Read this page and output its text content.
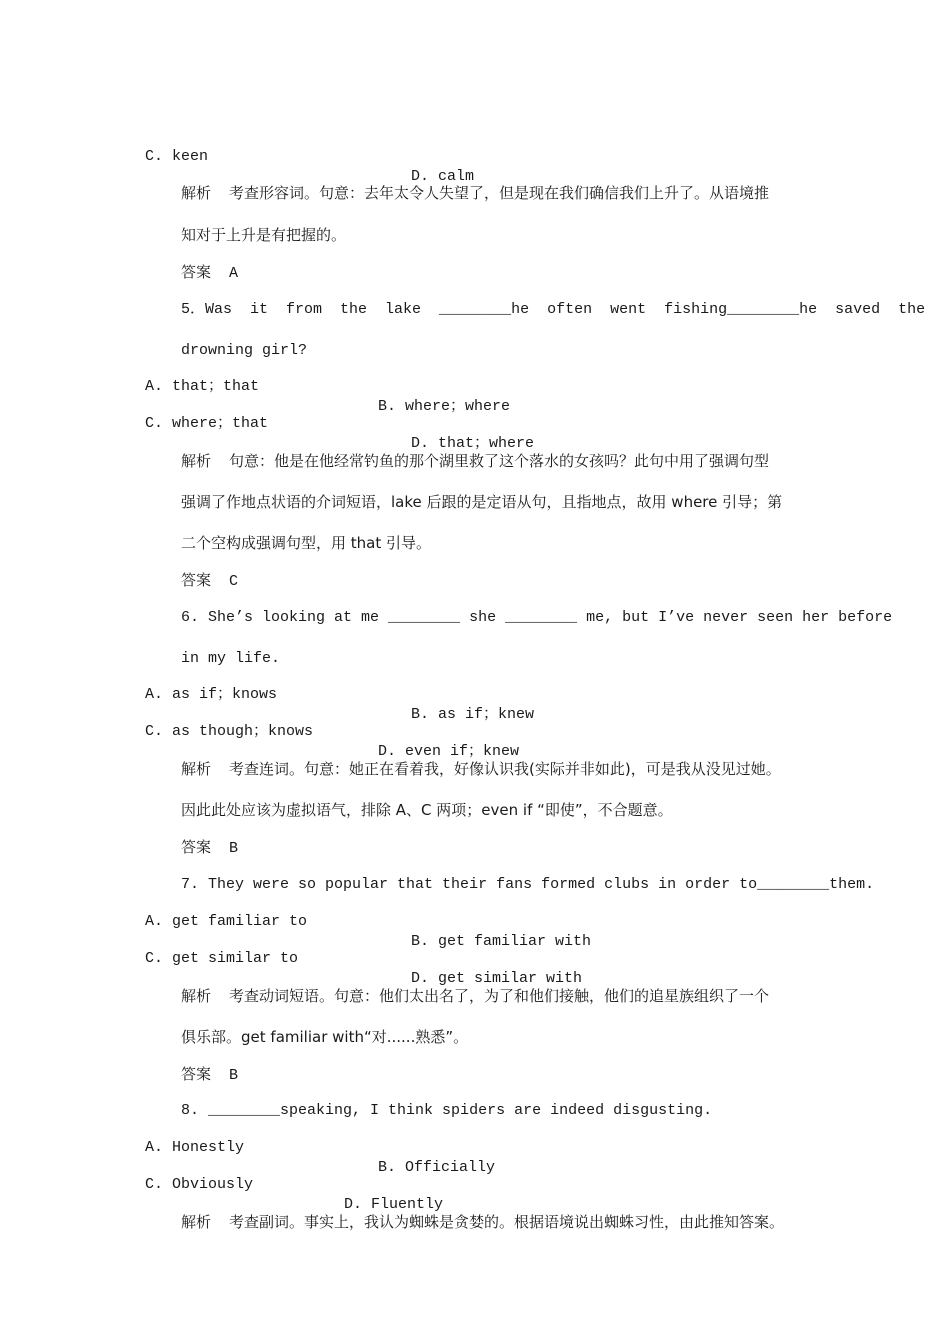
C. keen

D. calm

解析 考查形容词。句意：去年太令人失望了，但是现在我们确信我们上升了。从语境推

知对于上升是有把握的。

答案 A

5．Was  it  from  the  lake  ________he  often  went  fishing________he  saved  the

drowning girl?

A. that；that

B. where；where

C. where；that

D. that；where

解析 句意：他是在他经常钓鱼的那个湖里救了这个落水的女孩吗？此句中用了强调句型

强调了作地点状语的介词短语，lake 后跟的是定语从句，且指地点，故用 where 引导；第

二个空构成强调句型，用 that 引导。

答案 C

6. She’s looking at me ________ she ________ me, but I’ve never seen her before

in my life.

A. as if；knows

B. as if；knew

C. as though；knows

D. even if；knew

解析 考查连词。句意：她正在看着我，好像认识我(实际并非如此)，可是我从没见过她。

因此此处应该为虚拟语气，排除 A、C 两项；even if “即使”，不合题意。

答案 B

7. They were so popular that their fans formed clubs in order to________them.

A. get familiar to

B. get familiar with

C. get similar to

D. get similar with

解析 考查动词短语。句意：他们太出名了，为了和他们接触，他们的追星族组织了一个

俱乐部。get familiar with“对......熟悉”。

答案 B

8. ________speaking, I think spiders are indeed disgusting.

A. Honestly

B. Officially

C. Obviously

D. Fluently

解析 考查副词。事实上，我认为蜘蛛是贪婪的。根据语境说出蜘蛛习性，由此推知答案。
